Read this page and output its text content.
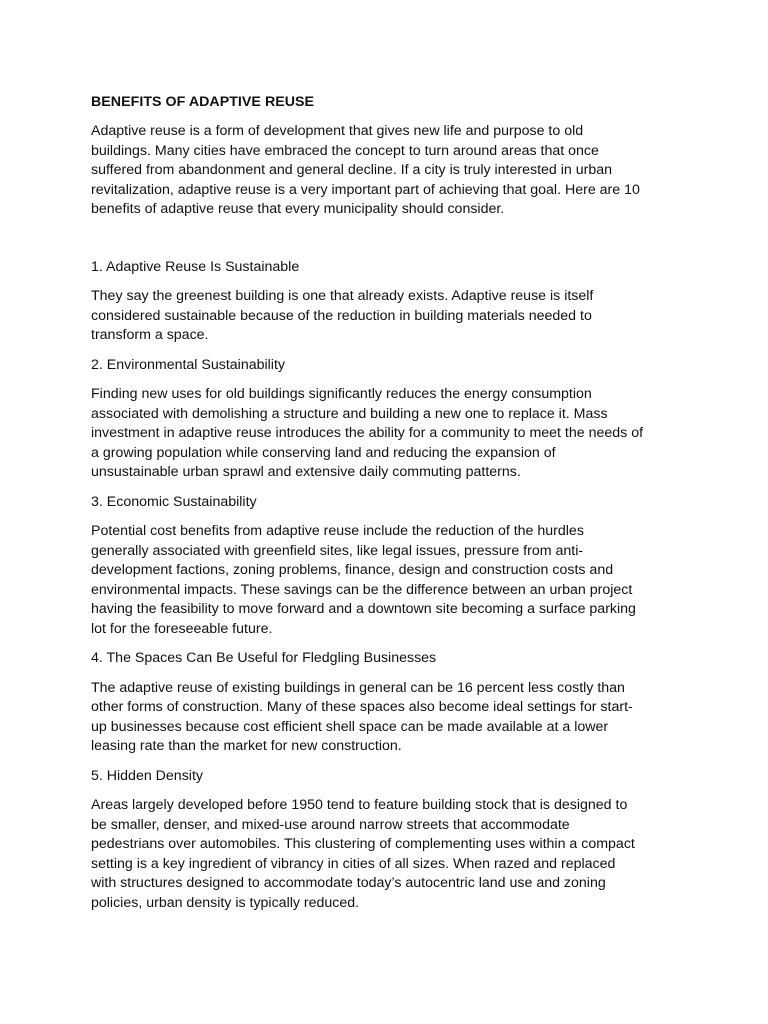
BENEFITS OF ADAPTIVE REUSE
Adaptive reuse is a form of development that gives new life and purpose to old
buildings. Many cities have embraced the concept to turn around areas that once
suffered from abandonment and general decline. If a city is truly interested in urban
revitalization, adaptive reuse is a very important part of achieving that goal. Here are 10
benefits of adaptive reuse that every municipality should consider.
1. Adaptive Reuse Is Sustainable
They say the greenest building is one that already exists. Adaptive reuse is itself
considered sustainable because of the reduction in building materials needed to
transform a space.
2. Environmental Sustainability
Finding new uses for old buildings significantly reduces the energy consumption
associated with demolishing a structure and building a new one to replace it. Mass
investment in adaptive reuse introduces the ability for a community to meet the needs of
a growing population while conserving land and reducing the expansion of
unsustainable urban sprawl and extensive daily commuting patterns.
3. Economic Sustainability
Potential cost benefits from adaptive reuse include the reduction of the hurdles
generally associated with greenfield sites, like legal issues, pressure from anti-
development factions, zoning problems, finance, design and construction costs and
environmental impacts. These savings can be the difference between an urban project
having the feasibility to move forward and a downtown site becoming a surface parking
lot for the foreseeable future.
4. The Spaces Can Be Useful for Fledgling Businesses
The adaptive reuse of existing buildings in general can be 16 percent less costly than
other forms of construction. Many of these spaces also become ideal settings for start-
up businesses because cost efficient shell space can be made available at a lower
leasing rate than the market for new construction.
5. Hidden Density
Areas largely developed before 1950 tend to feature building stock that is designed to
be smaller, denser, and mixed-use around narrow streets that accommodate
pedestrians over automobiles. This clustering of complementing uses within a compact
setting is a key ingredient of vibrancy in cities of all sizes. When razed and replaced
with structures designed to accommodate today’s autocentric land use and zoning
policies, urban density is typically reduced.
